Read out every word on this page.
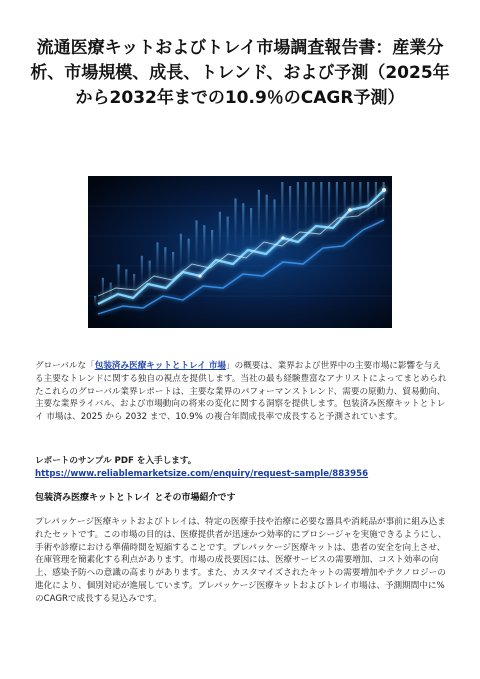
流通医療キットおよびトレイ市場調査報告書：産業分析、市場規模、成長、トレンド、および予測（2025年から2032年までの10.9％のCAGR予測）

グローバルな「包装済み医療キットとトレイ 市場」の概要は、業界および世界中の主要市場に影響を与える主要なトレンドに関する独自の視点を提供します。当社の最も経験豊富なアナリストによってまとめられたこれらのグローバル業界レポートは、主要な業界のパフォーマンストレンド、需要の原動力、貿易動向、主要な業界ライバル、および市場動向の将来の変化に関する洞察を提供します。包装済み医療キットとトレイ 市場は、2025 から 2032 まで、10.9% の複合年間成長率で成長すると予測されています。

レポートのサンプル PDF を入手します。https://www.reliablemarketsize.com/enquiry/request-sample/883956

包装済み医療キットとトレイ とその市場紹介です

プレパッケージ医療キットおよびトレイは、特定の医療手技や治療に必要な器具や消耗品が事前に組み込まれたセットです。この市場の目的は、医療提供者が迅速かつ効率的にプロシージャを実施できるようにし、手術や診療における準備時間を短縮することです。プレパッケージ医療キットは、患者の安全を向上させ、在庫管理を簡素化する利点があります。市場の成長要因には、医療サービスの需要増加、コスト効率の向上、感染予防への意識の高まりがあります。また、カスタマイズされたキットの需要増加やテクノロジーの進化により、個別対応が進展しています。プレパッケージ医療キットおよびトレイ市場は、予測期間中に%のCAGRで成長する見込みです。
